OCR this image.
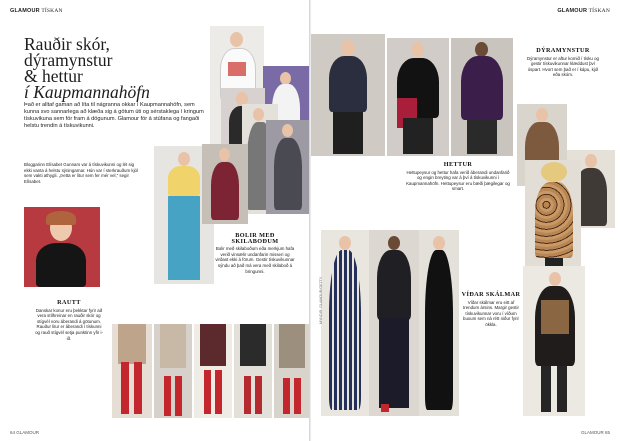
GLAMOUR TÍSKAN
Rauðir skór,
dýramynstur
& hettur
í Kaupmannahöfn
Það er alltaf gaman að líta til nágranna okkar í Kaupmannahöfn, sem kunna svo sannarlega að klæða sig á götum úti og sérstaklega í kringum tískuvikuna sem fór fram á dögunum. Glamour fór á stúfana og fangaði helstu trendin á tískuvikunni.
Bloggarinn Elísabet Gunnars var á tískuvikunni og lét sig ekki vanta á helstu sýningarnar. Hún var í sterkrauðum kjól sem vakti athygli. „Þetta er litur sem fer mér vel,“ segir Elísabet.
BOLIR MEÐ SKILABOÐUM
Bolir með skilaboðum eða merkjum hafa verið vinsælir undanfarin misseri og virðast ekki á förum. Gestir tískuvikunnar sýndu að það má vera með skilaboð á bringunni.
RAUTT
Danskar konur eru þekktar fyrir að vera stílhreinar en rauðir skór og stígvél voru áberandi á götunum. Rauður litur er áberandi í tískunni og rauð stígvél setja punktinn yfir i-ið.
64 GLAMOUR
GLAMOUR TÍSKAN
HETTUR
Hettupeysur og hettur hafa verið áberandi undanfarið og engin breyting var á því á tískuvikunni í Kaupmannahöfn. Hettupeysur eru bæði þægilegar og smart.
DÝRAMYNSTUR
Dýramynstur er aftur komið í tísku og gestir tískuvikunnar klæddust því óspart. Hvort sem það er í kápu, kjól eða skóm.
VÍÐAR SKÁLMAR
Víðar skálmar eru eitt af trendum ársins. Margir gestir tískuvikunnar voru í víðum buxum sem ná rétt niður fyrir ökkla.
MYNDIR: GLAMOUR/GETTY
GLAMOUR 65
